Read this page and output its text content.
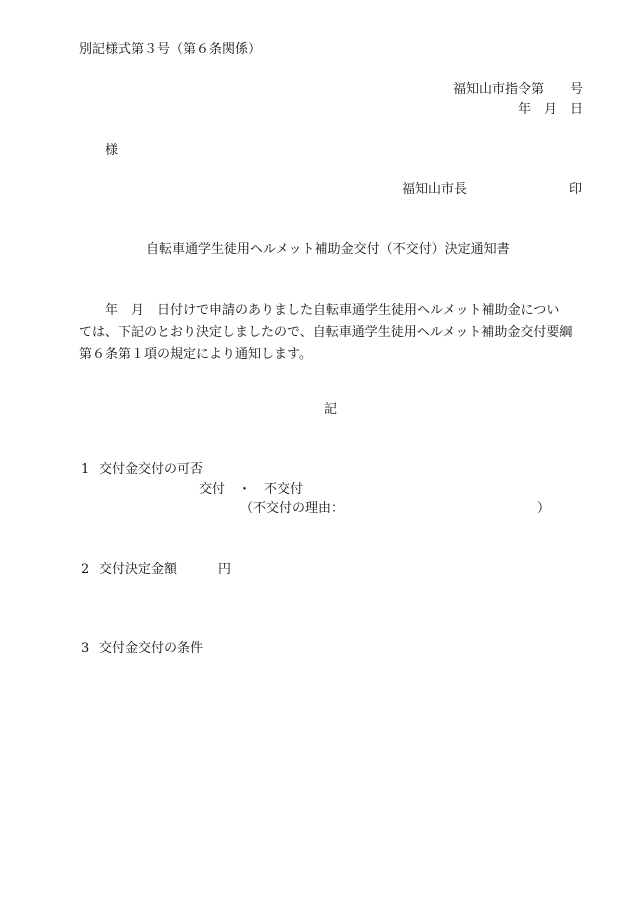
別記様式第３号（第６条関係）
福知山市指令第　　号
年　月　日
様
福知山市長	印
自転車通学生徒用ヘルメット補助金交付（不交付）決定通知書
　　年　月　日付けで申請のありました自転車通学生徒用ヘルメット補助金につい
ては、下記のとおり決定しましたので、自転車通学生徒用ヘルメット補助金交付要綱
第６条第１項の規定により通知します。
記
1 交付金交付の可否
交付　・　不交付
（不交付の理由：	）
2 交付決定金額	円
3 交付金交付の条件
